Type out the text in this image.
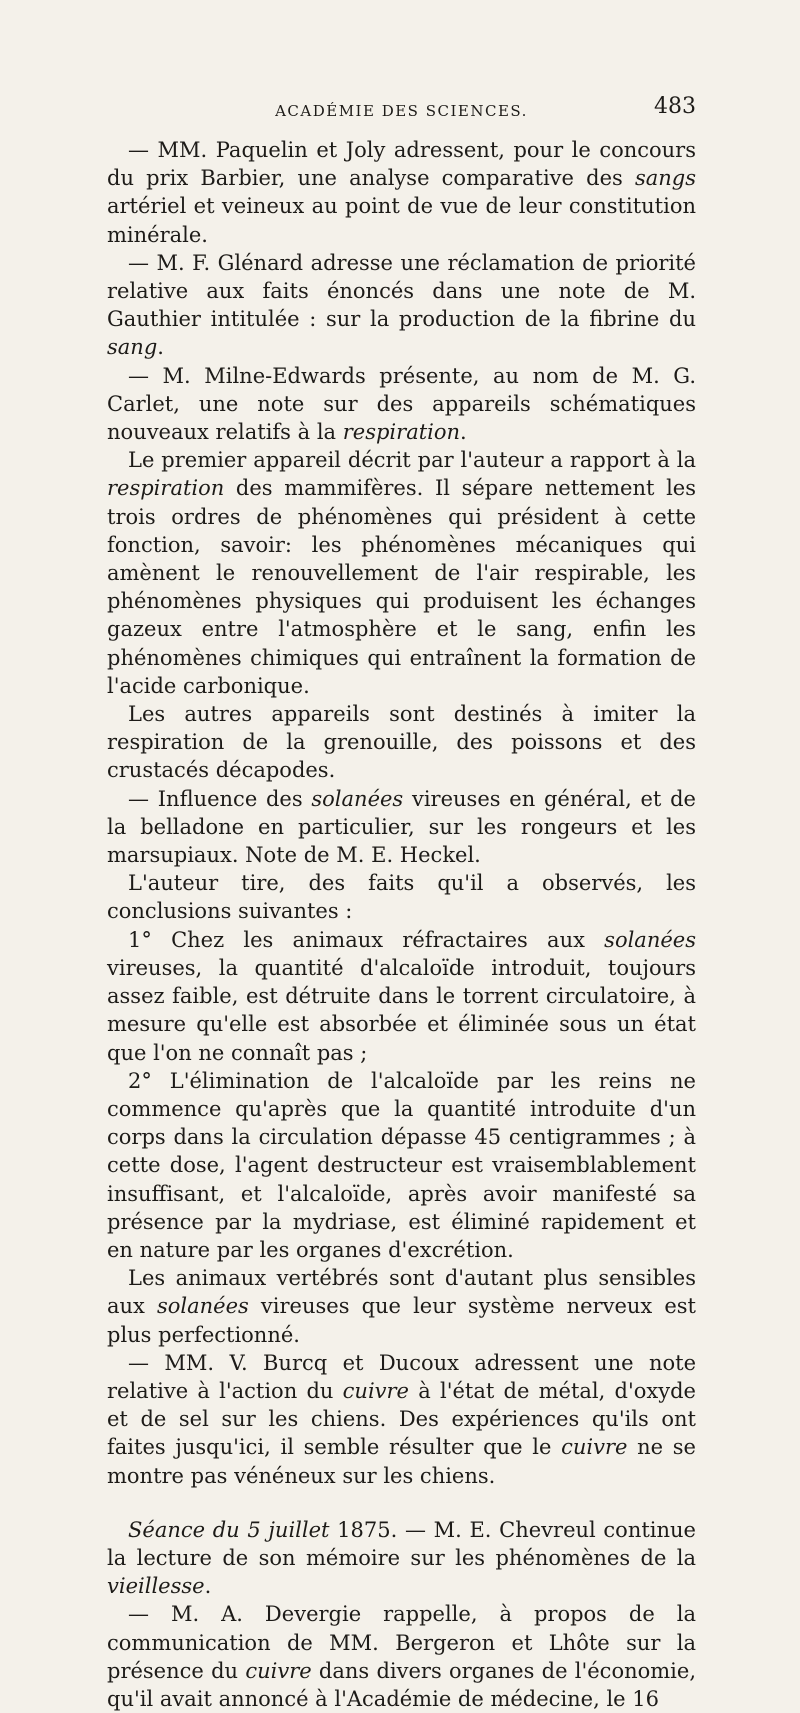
ACADÉMIE DES SCIENCES.	483

— MM. Paquelin et Joly adressent, pour le concours du prix Barbier, une analyse comparative des sangs artériel et veineux au point de vue de leur constitution minérale.

— M. F. Glénard adresse une réclamation de priorité relative aux faits énoncés dans une note de M. Gauthier intitulée : sur la production de la fibrine du sang.

— M. Milne-Edwards présente, au nom de M. G. Carlet, une note sur des appareils schématiques nouveaux relatifs à la respiration.

Le premier appareil décrit par l'auteur a rapport à la respiration des mammifères. Il sépare nettement les trois ordres de phénomènes qui président à cette fonction, savoir: les phénomènes mécaniques qui amènent le renouvellement de l'air respirable, les phénomènes physiques qui produisent les échanges gazeux entre l'atmosphère et le sang, enfin les phénomènes chimiques qui entraînent la formation de l'acide carbonique.

Les autres appareils sont destinés à imiter la respiration de la grenouille, des poissons et des crustacés décapodes.

— Influence des solanées vireuses en général, et de la belladone en particulier, sur les rongeurs et les marsupiaux. Note de M. E. Heckel.

L'auteur tire, des faits qu'il a observés, les conclusions suivantes :

1° Chez les animaux réfractaires aux solanées vireuses, la quantité d'alcaloïde introduit, toujours assez faible, est détruite dans le torrent circulatoire, à mesure qu'elle est absorbée et éliminée sous un état que l'on ne connaît pas ;

2° L'élimination de l'alcaloïde par les reins ne commence qu'après que la quantité introduite d'un corps dans la circulation dépasse 45 centigrammes ; à cette dose, l'agent destructeur est vraisemblablement insuffisant, et l'alcaloïde, après avoir manifesté sa présence par la mydriase, est éliminé rapidement et en nature par les organes d'excrétion.

Les animaux vertébrés sont d'autant plus sensibles aux solanées vireuses que leur système nerveux est plus perfectionné.

— MM. V. Burcq et Ducoux adressent une note relative à l'action du cuivre à l'état de métal, d'oxyde et de sel sur les chiens. Des expériences qu'ils ont faites jusqu'ici, il semble résulter que le cuivre ne se montre pas vénéneux sur les chiens.

Séance du 5 juillet 1875. — M. E. Chevreul continue la lecture de son mémoire sur les phénomènes de la vieillesse.

— M. A. Devergie rappelle, à propos de la communication de MM. Bergeron et Lhôte sur la présence du cuivre dans divers organes de l'économie, qu'il avait annoncé à l'Académie de médecine, le 16
